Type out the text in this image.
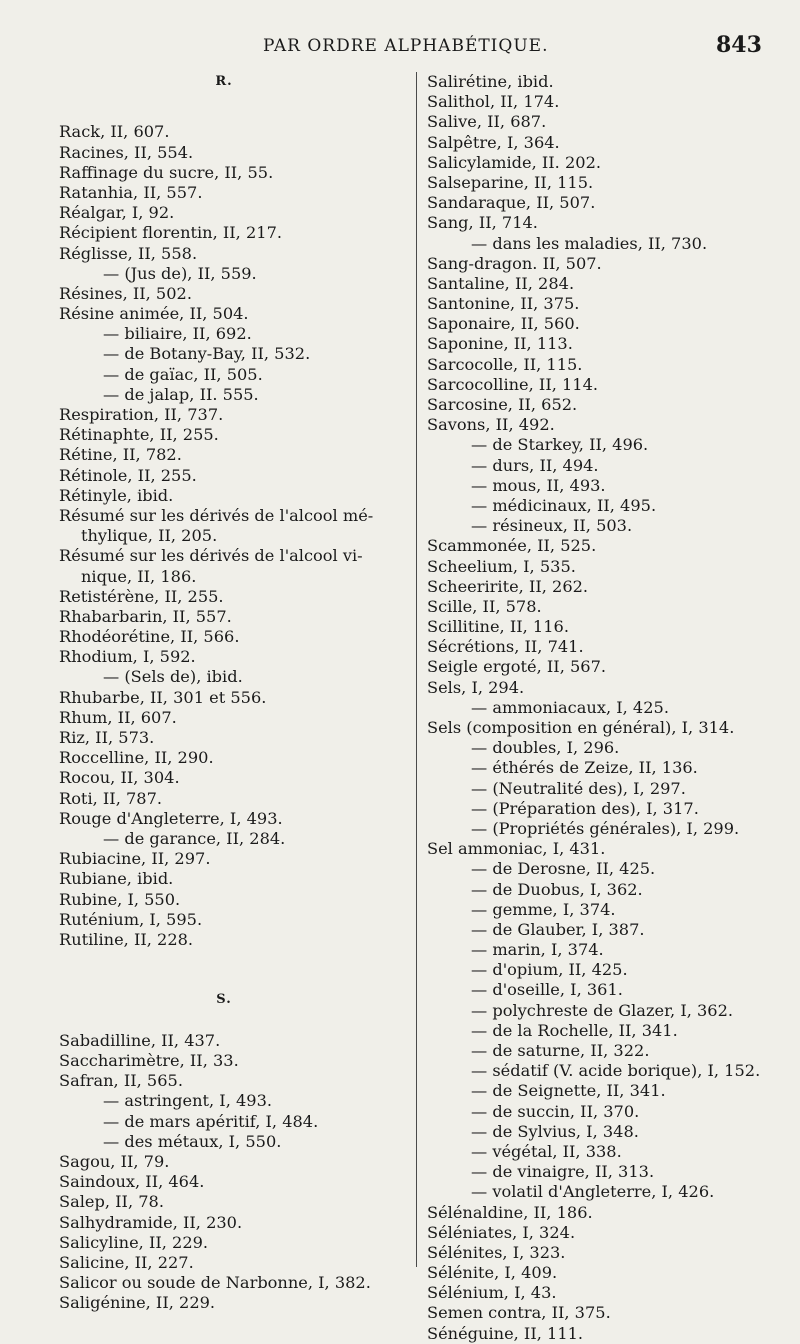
PAR ORDRE ALPHABÉTIQUE.	843
R.
Rack, II, 607.
Racines, II, 554.
Raffinage du sucre, II, 55.
Ratanhia, II, 557.
Réalgar, I, 92.
Récipient florentin, II, 217.
Réglisse, II, 558.
— (Jus de), II, 559.
Résines, II, 502.
Résine animée, II, 504.
— biliaire, II, 692.
— de Botany-Bay, II, 532.
— de gaïac, II, 505.
— de jalap, II. 555.
Respiration, II, 737.
Rétinaphte, II, 255.
Rétine, II, 782.
Rétinole, II, 255.
Rétinyle, ibid.
Résumé sur les dérivés de l'alcool mé-
thylique, II, 205.
Résumé sur les dérivés de l'alcool vi-
nique, II, 186.
Retistérène, II, 255.
Rhabarbarin, II, 557.
Rhodéorétine, II, 566.
Rhodium, I, 592.
— (Sels de), ibid.
Rhubarbe, II, 301 et 556.
Rhum, II, 607.
Riz, II, 573.
Roccelline, II, 290.
Rocou, II, 304.
Roti, II, 787.
Rouge d'Angleterre, I, 493.
— de garance, II, 284.
Rubiacine, II, 297.
Rubiane, ibid.
Rubine, I, 550.
Ruténium, I, 595.
Rutiline, II, 228.
S.
Sabadilline, II, 437.
Saccharimètre, II, 33.
Safran, II, 565.
— astringent, I, 493.
— de mars apéritif, I, 484.
— des métaux, I, 550.
Sagou, II, 79.
Saindoux, II, 464.
Salep, II, 78.
Salhydramide, II, 230.
Salicyline, II, 229.
Salicine, II, 227.
Salicor ou soude de Narbonne, I, 382.
Saligénine, II, 229.
Salirétine, ibid.
Salithol, II, 174.
Salive, II, 687.
Salpêtre, I, 364.
Salicylamide, II. 202.
Salseparine, II, 115.
Sandaraque, II, 507.
Sang, II, 714.
— dans les maladies, II, 730.
Sang-dragon. II, 507.
Santaline, II, 284.
Santonine, II, 375.
Saponaire, II, 560.
Saponine, II, 113.
Sarcocolle, II, 115.
Sarcocolline, II, 114.
Sarcosine, II, 652.
Savons, II, 492.
— de Starkey, II, 496.
— durs, II, 494.
— mous, II, 493.
— médicinaux, II, 495.
— résineux, II, 503.
Scammonée, II, 525.
Scheelium, I, 535.
Scheeririte, II, 262.
Scille, II, 578.
Scillitine, II, 116.
Sécrétions, II, 741.
Seigle ergoté, II, 567.
Sels, I, 294.
— ammoniacaux, I, 425.
Sels (composition en général), I, 314.
— doubles, I, 296.
— éthérés de Zeize, II, 136.
— (Neutralité des), I, 297.
— (Préparation des), I, 317.
— (Propriétés générales), I, 299.
Sel ammoniac, I, 431.
— de Derosne, II, 425.
— de Duobus, I, 362.
— gemme, I, 374.
— de Glauber, I, 387.
— marin, I, 374.
— d'opium, II, 425.
— d'oseille, I, 361.
— polychreste de Glazer, I, 362.
— de la Rochelle, II, 341.
— de saturne, II, 322.
— sédatif (V. acide borique), I, 152.
— de Seignette, II, 341.
— de succin, II, 370.
— de Sylvius, I, 348.
— végétal, II, 338.
— de vinaigre, II, 313.
— volatil d'Angleterre, I, 426.
Sélénaldine, II, 186.
Séléniates, I, 324.
Sélénites, I, 323.
Sélénite, I, 409.
Sélénium, I, 43.
Semen contra, II, 375.
Sénéguine, II, 111.
